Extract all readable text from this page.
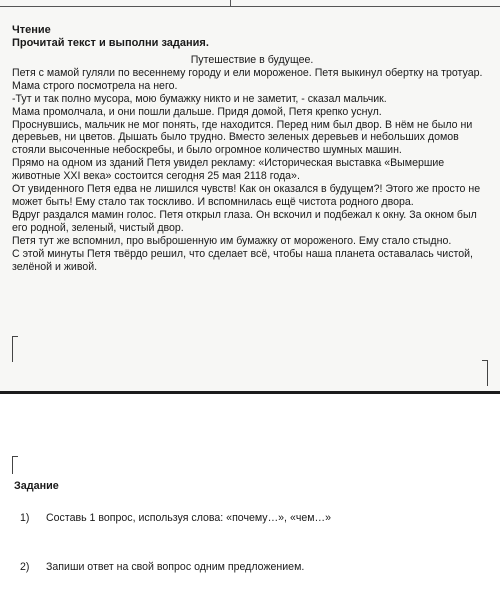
Чтение
Прочитай текст и выполни задания.
Путешествие в будущее.

Петя с мамой гуляли по весеннему городу и ели мороженое. Петя выкинул обертку на тротуар. Мама строго посмотрела на него.

-Тут и так полно мусора, мою бумажку никто и не заметит, - сказал мальчик.

Мама промолчала, и они пошли дальше. Придя домой, Петя крепко уснул.

Проснувшись, мальчик не мог понять, где находится. Перед ним был двор. В нём не было ни деревьев, ни цветов. Дышать было трудно. Вместо зеленых деревьев и небольших домов стояли высоченные небоскребы, и было огромное количество шумных машин.

Прямо на одном из зданий Петя увидел рекламу: «Историческая выставка «Вымершие животные XXI века» состоится сегодня 25 мая 2118 года».

От увиденного Петя едва не лишился чувств! Как он оказался в будущем?! Этого же просто не может быть! Ему стало так тоскливо. И вспомнилась ещё чистота родного двора.

Вдруг раздался мамин голос. Петя открыл глаза. Он вскочил и подбежал к окну. За окном был его родной, зеленый, чистый двор.

Петя тут же вспомнил, про выброшенную им бумажку от мороженого. Ему стало стыдно.

С этой минуты Петя твёрдо решил, что сделает всё, чтобы наша планета оставалась чистой, зелёной и живой.

Задание
1) Составь 1 вопрос, используя слова: «почему…», «чем…»
2) Запиши ответ на свой вопрос одним предложением.
